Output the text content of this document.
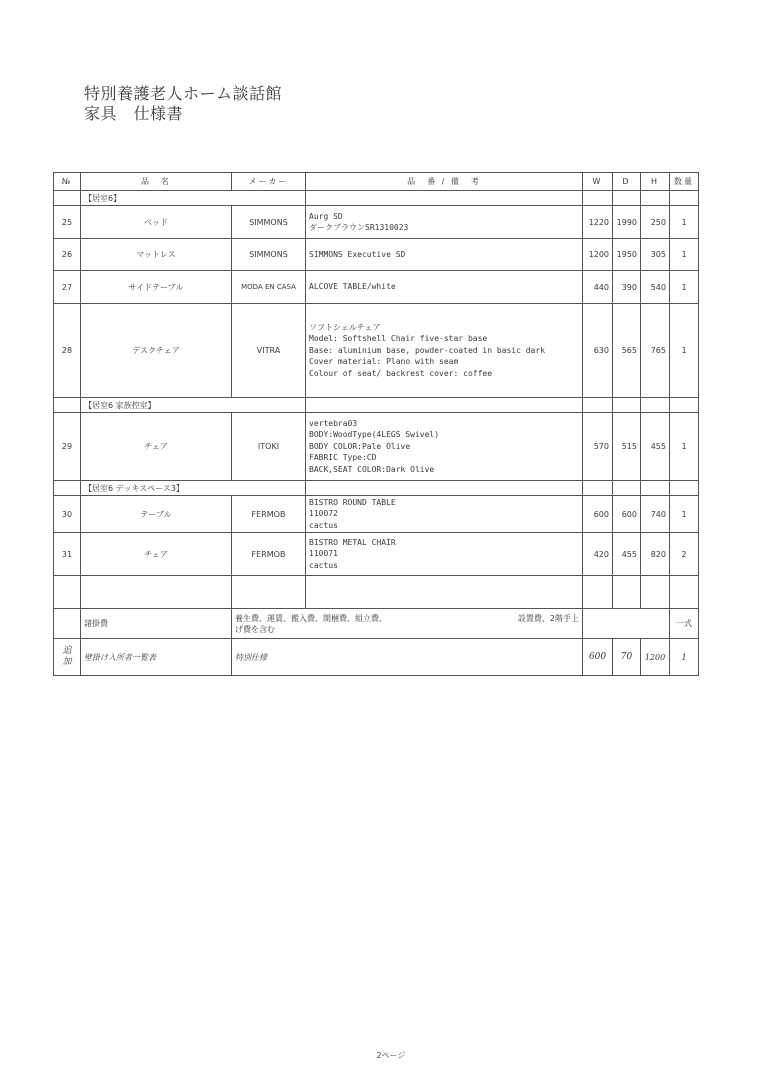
特別養護老人ホーム談話館
家具　仕様書
№	品　名	メーカー	品　番 / 備　考	W	D	H	数量
	【居室6】						
25	ベッド	SIMMONS	Aurg SD
ダークブラウンSR1310023	1220	1990	250	1
26	マットレス	SIMMONS	SIMMONS Executive SD	1200	1950	305	1
27	サイドテーブル	MODA EN CASA	ALCOVE TABLE/white	440	390	540	1
28	デスクチェア	VITRA	ソフトシェルチェア
Model: Softshell Chair five-star base
Base: aluminium base, powder-coated in basic dark
Cover material: Plano with seam
Colour of seat/ backrest cover: coffee	630	565	765	1
	【居室6 家族控室】						
29	チェア	ITOKI	vertebra03
BODY:WoodType(4LEGS Swivel)
BODY COLOR:Pale Olive
FABRIC Type:CD
BACK,SEAT COLOR:Dark Olive	570	515	455	1
	【居室6 デッキスペース3】						
30	テーブル	FERMOB	BISTRO ROUND TABLE
110072
cactus	600	600	740	1
31	チェア	FERMOB	BISTRO METAL CHAIR
110071
cactus	420	455	820	2

	諸掛費	養生費、運賃、搬入費、開梱費、組立費、 設置費、2階手上
げ費を含む					一式

追
加	壁掛け入所者一覧表	特別仕様		600	70	1200	1
2ページ
